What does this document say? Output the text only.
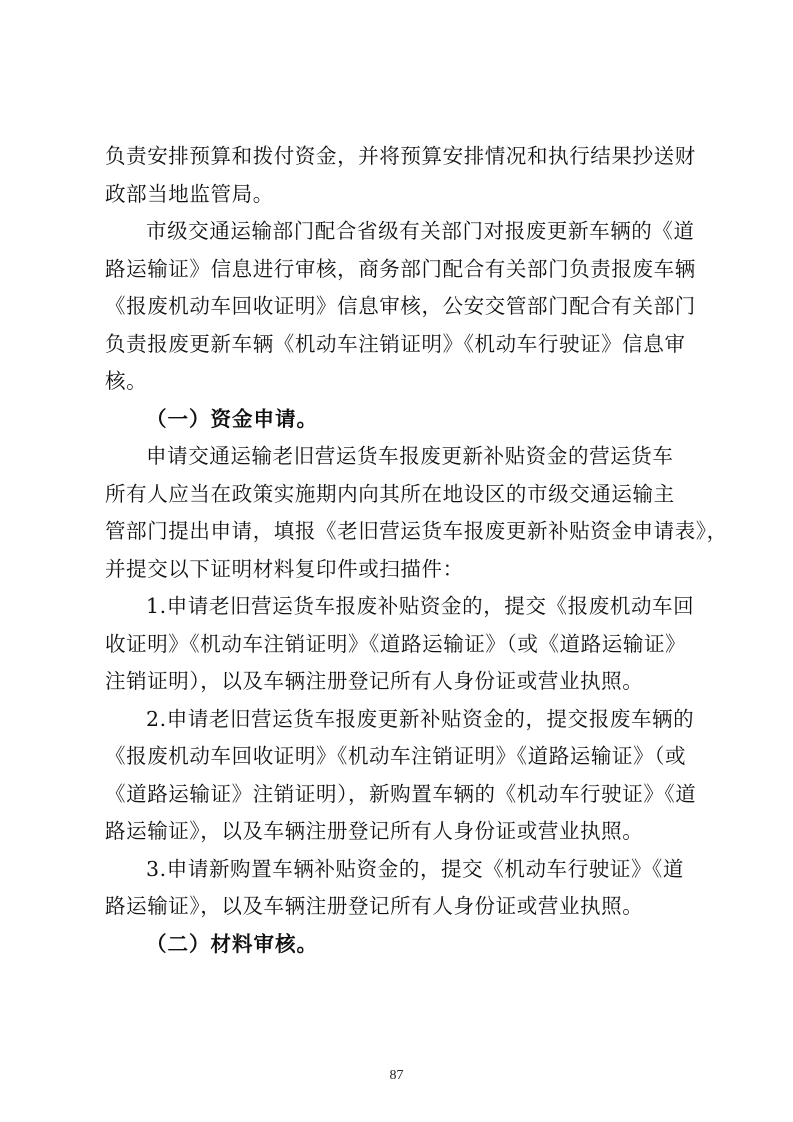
负责安排预算和拨付资金，并将预算安排情况和执行结果抄送财
政部当地监管局。
市级交通运输部门配合省级有关部门对报废更新车辆的《道
路运输证》信息进行审核，商务部门配合有关部门负责报废车辆
《报废机动车回收证明》信息审核，公安交管部门配合有关部门
负责报废更新车辆《机动车注销证明》《机动车行驶证》信息审
核。
（一）资金申请。
申请交通运输老旧营运货车报废更新补贴资金的营运货车
所有人应当在政策实施期内向其所在地设区的市级交通运输主
管部门提出申请，填报《老旧营运货车报废更新补贴资金申请表》，
并提交以下证明材料复印件或扫描件：
1.申请老旧营运货车报废补贴资金的，提交《报废机动车回
收证明》《机动车注销证明》《道路运输证》（或《道路运输证》
注销证明），以及车辆注册登记所有人身份证或营业执照。
2.申请老旧营运货车报废更新补贴资金的，提交报废车辆的
《报废机动车回收证明》《机动车注销证明》《道路运输证》（或
《道路运输证》注销证明），新购置车辆的《机动车行驶证》《道
路运输证》，以及车辆注册登记所有人身份证或营业执照。
3.申请新购置车辆补贴资金的，提交《机动车行驶证》《道
路运输证》，以及车辆注册登记所有人身份证或营业执照。
（二）材料审核。
87
